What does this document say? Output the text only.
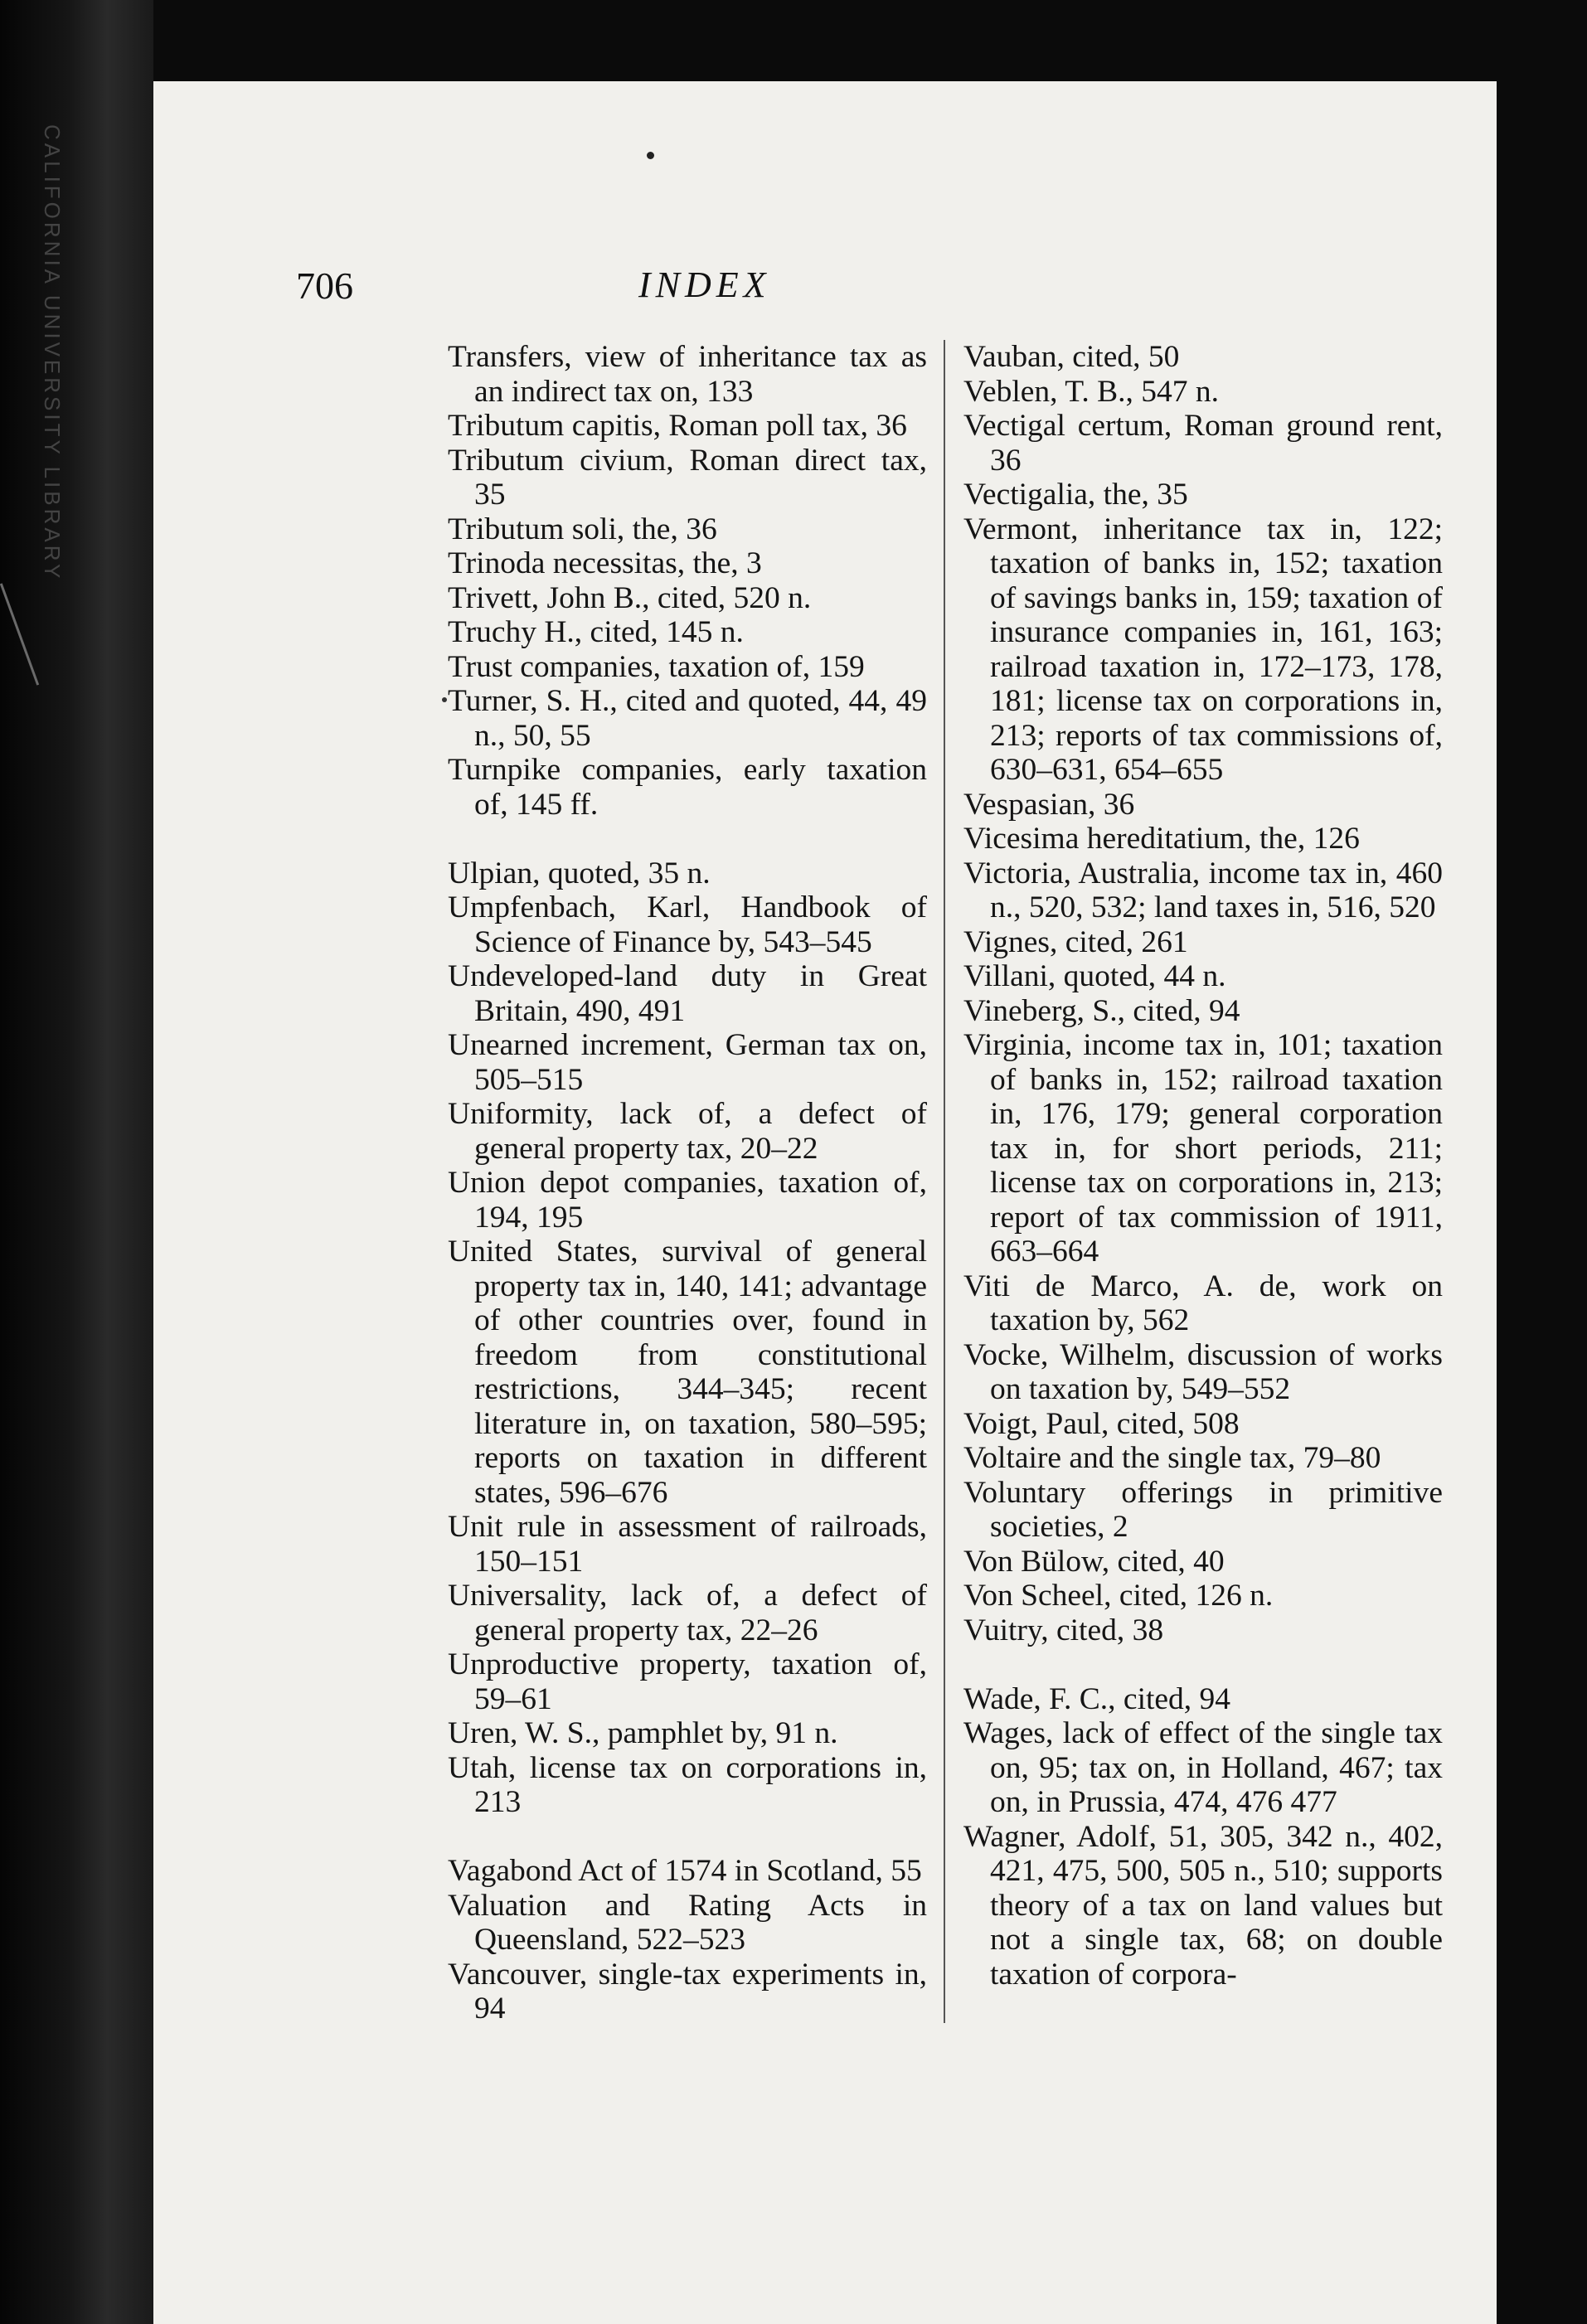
CALIFORNIA UNIVERSITY LIBRARY	706	INDEX

Transfers, view of inheritance tax as an indirect tax on, 133

Tributum capitis, Roman poll tax, 36

Tributum civium, Roman direct tax, 35

Tributum soli, the, 36

Trinoda necessitas, the, 3

Trivett, John B., cited, 520 n.

Truchy H., cited, 145 n.

Trust companies, taxation of, 159

Turner, S. H., cited and quoted, 44, 49 n., 50, 55

Turnpike companies, early taxation of, 145 ff.

Ulpian, quoted, 35 n.

Umpfenbach, Karl, Handbook of Science of Finance by, 543–545

Undeveloped-land duty in Great Britain, 490, 491

Unearned increment, German tax on, 505–515

Uniformity, lack of, a defect of general property tax, 20–22

Union depot companies, taxation of, 194, 195

United States, survival of general property tax in, 140, 141; advantage of other countries over, found in freedom from constitutional restrictions, 344–345; recent literature in, on taxation, 580–595; reports on taxation in different states, 596–676

Unit rule in assessment of railroads, 150–151

Universality, lack of, a defect of general property tax, 22–26

Unproductive property, taxation of, 59–61

Uren, W. S., pamphlet by, 91 n.

Utah, license tax on corporations in, 213

Vagabond Act of 1574 in Scotland, 55

Valuation and Rating Acts in Queensland, 522–523

Vancouver, single-tax experiments in, 94

Vauban, cited, 50

Veblen, T. B., 547 n.

Vectigal certum, Roman ground rent, 36

Vectigalia, the, 35

Vermont, inheritance tax in, 122; taxation of banks in, 152; taxation of savings banks in, 159; taxation of insurance companies in, 161, 163; railroad taxation in, 172–173, 178, 181; license tax on corporations in, 213; reports of tax commissions of, 630–631, 654–655

Vespasian, 36

Vicesima hereditatium, the, 126

Victoria, Australia, income tax in, 460 n., 520, 532; land taxes in, 516, 520

Vignes, cited, 261

Villani, quoted, 44 n.

Vineberg, S., cited, 94

Virginia, income tax in, 101; taxation of banks in, 152; railroad taxation in, 176, 179; general corporation tax in, for short periods, 211; license tax on corporations in, 213; report of tax commission of 1911, 663–664

Viti de Marco, A. de, work on taxation by, 562

Vocke, Wilhelm, discussion of works on taxation by, 549–552

Voigt, Paul, cited, 508

Voltaire and the single tax, 79–80

Voluntary offerings in primitive societies, 2

Von Bülow, cited, 40

Von Scheel, cited, 126 n.

Vuitry, cited, 38

Wade, F. C., cited, 94

Wages, lack of effect of the single tax on, 95; tax on, in Holland, 467; tax on, in Prussia, 474, 476 477

Wagner, Adolf, 51, 305, 342 n., 402, 421, 475, 500, 505 n., 510; supports theory of a tax on land values but not a single tax, 68; on double taxation of corpora-
